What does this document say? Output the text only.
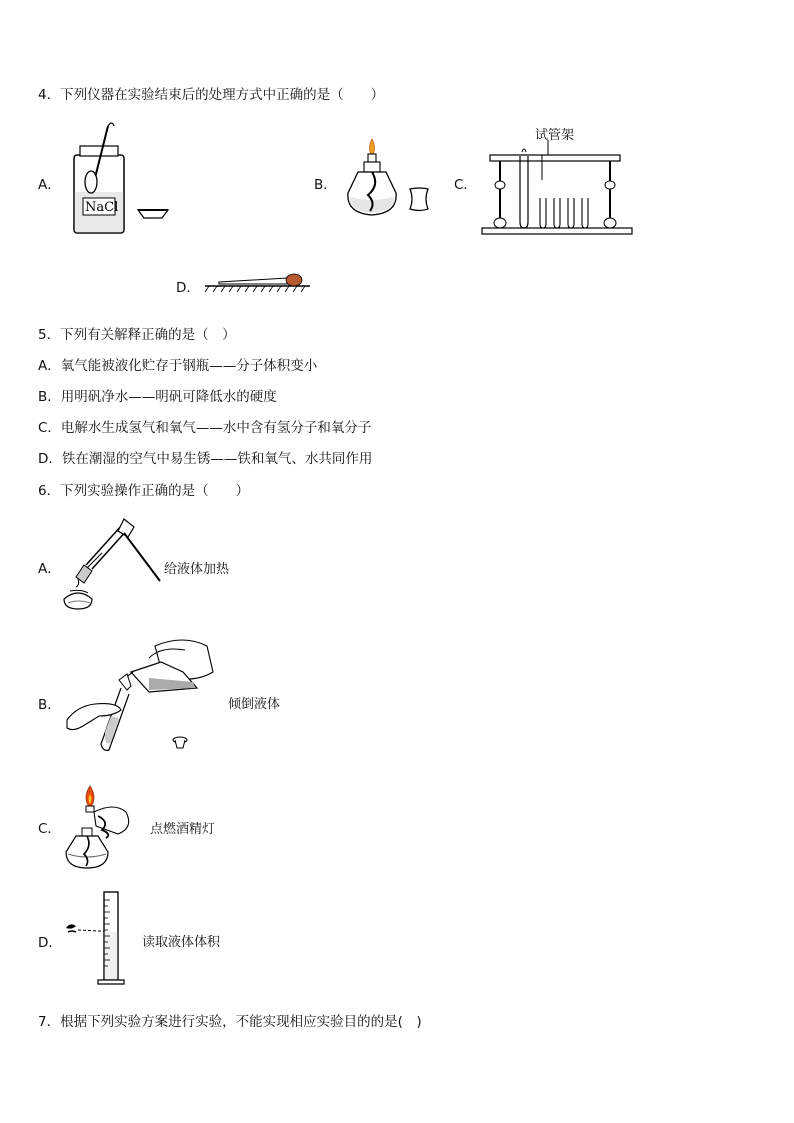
4．下列仪器在实验结束后的处理方式中正确的是（　　）
A．
NaCl
B．	C．
试管架
D．
5．下列有关解释正确的是（　）
A．氧气能被液化贮存于钢瓶——分子体积变小
B．用明矾净水——明矾可降低水的硬度
C．电解水生成氢气和氧气——水中含有氢分子和氧分子
D．铁在潮湿的空气中易生锈——铁和氧气、水共同作用
6．下列实验操作正确的是（　　）
A．	给液体加热
B．	倾倒液体
C．	点燃酒精灯
D．	读取液体体积
7．根据下列实验方案进行实验，不能实现相应实验目的的是(　)
